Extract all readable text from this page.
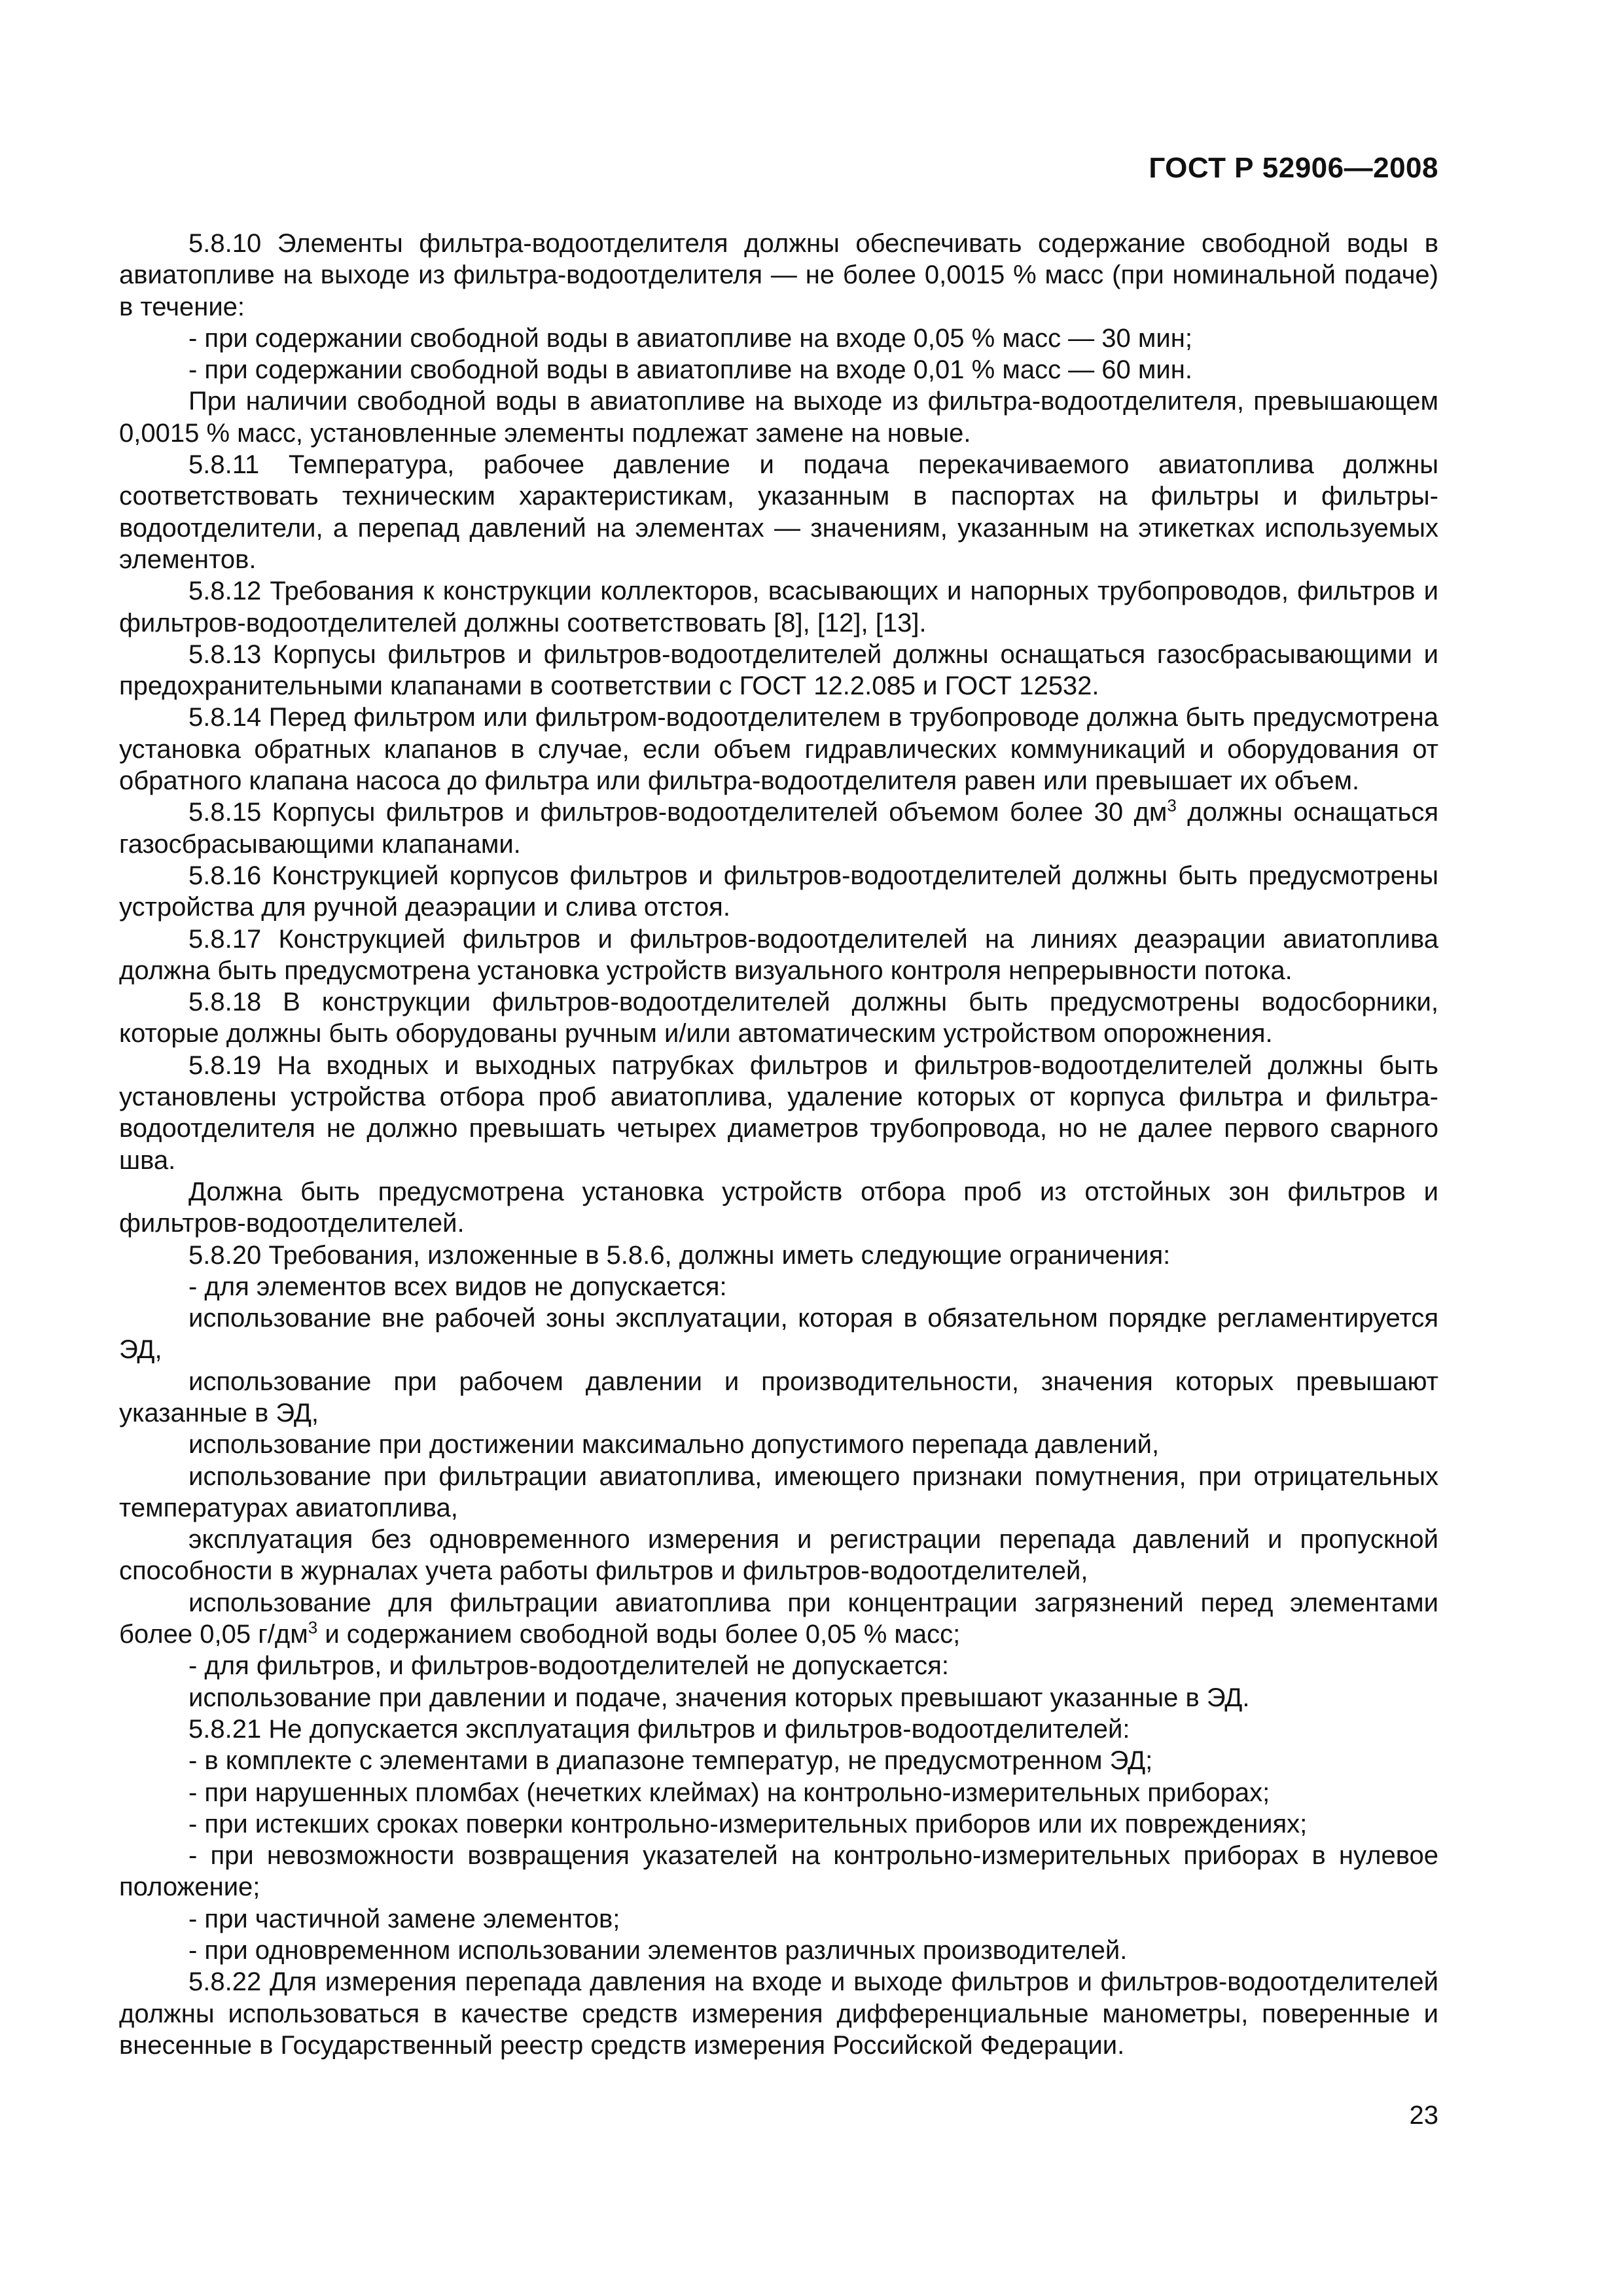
ГОСТ Р 52906—2008

5.8.10 Элементы фильтра-водоотделителя должны обеспечивать содержание свободной воды в авиатопливе на выходе из фильтра-водоотделителя — не более 0,0015 % масс (при номинальной подаче) в течение:

- при содержании свободной воды в авиатопливе на входе 0,05 % масс — 30 мин;

- при содержании свободной воды в авиатопливе на входе 0,01 % масс — 60 мин.

При наличии свободной воды в авиатопливе на выходе из фильтра-водоотделителя, превышающем 0,0015 % масс, установленные элементы подлежат замене на новые.

5.8.11 Температура, рабочее давление и подача перекачиваемого авиатоплива должны соответствовать техническим характеристикам, указанным в паспортах на фильтры и фильтры-водоотделители, а перепад давлений на элементах — значениям, указанным на этикетках используемых элементов.

5.8.12 Требования к конструкции коллекторов, всасывающих и напорных трубопроводов, фильтров и фильтров-водоотделителей должны соответствовать [8], [12], [13].

5.8.13 Корпусы фильтров и фильтров-водоотделителей должны оснащаться газосбрасывающими и предохранительными клапанами в соответствии с ГОСТ 12.2.085 и ГОСТ 12532.

5.8.14 Перед фильтром или фильтром-водоотделителем в трубопроводе должна быть предусмотрена установка обратных клапанов в случае, если объем гидравлических коммуникаций и оборудования от обратного клапана насоса до фильтра или фильтра-водоотделителя равен или превышает их объем.

5.8.15 Корпусы фильтров и фильтров-водоотделителей объемом более 30 $дм^3$ должны оснащаться газосбрасывающими клапанами.

5.8.16 Конструкцией корпусов фильтров и фильтров-водоотделителей должны быть предусмотрены устройства для ручной деаэрации и слива отстоя.

5.8.17 Конструкцией фильтров и фильтров-водоотделителей на линиях деаэрации авиатоплива должна быть предусмотрена установка устройств визуального контроля непрерывности потока.

5.8.18 В конструкции фильтров-водоотделителей должны быть предусмотрены водосборники, которые должны быть оборудованы ручным и/или автоматическим устройством опорожнения.

5.8.19 На входных и выходных патрубках фильтров и фильтров-водоотделителей должны быть установлены устройства отбора проб авиатоплива, удаление которых от корпуса фильтра и фильтра-водоотделителя не должно превышать четырех диаметров трубопровода, но не далее первого сварного шва.

Должна быть предусмотрена установка устройств отбора проб из отстойных зон фильтров и фильтров-водоотделителей.

5.8.20 Требования, изложенные в 5.8.6, должны иметь следующие ограничения:

- для элементов всех видов не допускается:

использование вне рабочей зоны эксплуатации, которая в обязательном порядке регламентируется ЭД,

использование при рабочем давлении и производительности, значения которых превышают указанные в ЭД,

использование при достижении максимально допустимого перепада давлений,

использование при фильтрации авиатоплива, имеющего признаки помутнения, при отрицательных температурах авиатоплива,

эксплуатация без одновременного измерения и регистрации перепада давлений и пропускной способности в журналах учета работы фильтров и фильтров-водоотделителей,

использование для фильтрации авиатоплива при концентрации загрязнений перед элементами более 0,05 $г/дм^3$ и содержанием свободной воды более 0,05 % масс;

- для фильтров, и фильтров-водоотделителей не допускается:

использование при давлении и подаче, значения которых превышают указанные в ЭД.

5.8.21 Не допускается эксплуатация фильтров и фильтров-водоотделителей:

- в комплекте с элементами в диапазоне температур, не предусмотренном ЭД;

- при нарушенных пломбах (нечетких клеймах) на контрольно-измерительных приборах;

- при истекших сроках поверки контрольно-измерительных приборов или их повреждениях;

- при невозможности возвращения указателей на контрольно-измерительных приборах в нулевое положение;

- при частичной замене элементов;

- при одновременном использовании элементов различных производителей.

5.8.22 Для измерения перепада давления на входе и выходе фильтров и фильтров-водоотделителей должны использоваться в качестве средств измерения дифференциальные манометры, поверенные и внесенные в Государственный реестр средств измерения Российской Федерации.

23
